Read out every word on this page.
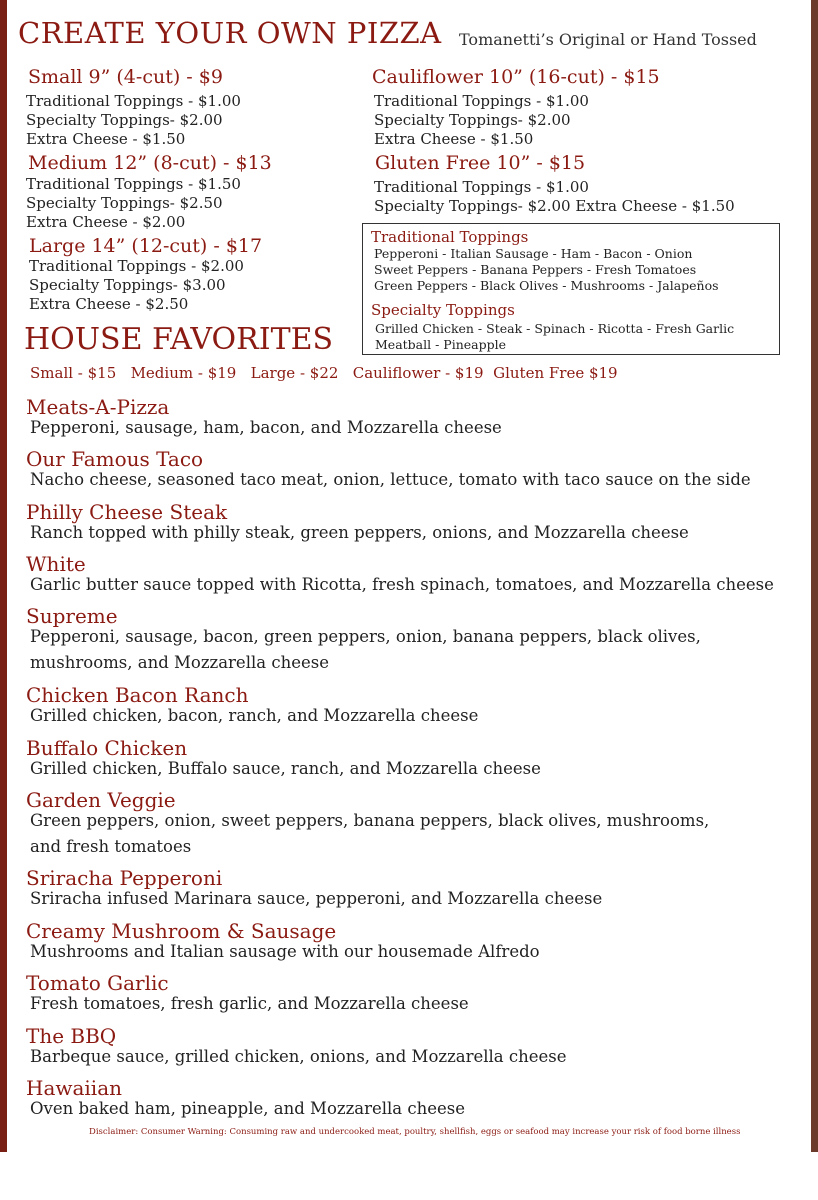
CREATE YOUR OWN PIZZA Tomanetti’s Original or Hand Tossed
Small 9” (4-cut) - $9
Traditional Toppings - $1.00
Specialty Toppings- $2.00
Extra Cheese - $1.50
Medium 12” (8-cut) - $13
Traditional Toppings - $1.50
Specialty Toppings- $2.50
Extra Cheese - $2.00
Large 14” (12-cut) - $17
Traditional Toppings - $2.00
Specialty Toppings- $3.00
Extra Cheese - $2.50
Cauliflower 10” (16-cut) - $15
Traditional Toppings - $1.00
Specialty Toppings- $2.00
Extra Cheese - $1.50
Gluten Free 10” - $15
Traditional Toppings - $1.00
Specialty Toppings- $2.00 Extra Cheese - $1.50
Traditional Toppings
Pepperoni - Italian Sausage - Ham - Bacon - Onion
Sweet Peppers - Banana Peppers - Fresh Tomatoes
Green Peppers - Black Olives - Mushrooms - Jalapeños
Specialty Toppings
Grilled Chicken - Steak - Spinach - Ricotta - Fresh Garlic
Meatball - Pineapple
HOUSE FAVORITES
Small - $15   Medium - $19   Large - $22   Cauliflower - $19  Gluten Free $19
Meats-A-Pizza
Pepperoni, sausage, ham, bacon, and Mozzarella cheese
Our Famous Taco
Nacho cheese, seasoned taco meat, onion, lettuce, tomato with taco sauce on the side
Philly Cheese Steak
Ranch topped with philly steak, green peppers, onions, and Mozzarella cheese
White
Garlic butter sauce topped with Ricotta, fresh spinach, tomatoes, and Mozzarella cheese
Supreme
Pepperoni, sausage, bacon, green peppers, onion, banana peppers, black olives,
mushrooms, and Mozzarella cheese
Chicken Bacon Ranch
Grilled chicken, bacon, ranch, and Mozzarella cheese
Buffalo Chicken
Grilled chicken, Buffalo sauce, ranch, and Mozzarella cheese
Garden Veggie
Green peppers, onion, sweet peppers, banana peppers, black olives, mushrooms,
and fresh tomatoes
Sriracha Pepperoni
Sriracha infused Marinara sauce, pepperoni, and Mozzarella cheese
Creamy Mushroom & Sausage
Mushrooms and Italian sausage with our housemade Alfredo
Tomato Garlic
Fresh tomatoes, fresh garlic, and Mozzarella cheese
The BBQ
Barbeque sauce, grilled chicken, onions, and Mozzarella cheese
Hawaiian
Oven baked ham, pineapple, and Mozzarella cheese
Disclaimer: Consumer Warning: Consuming raw and undercooked meat, poultry, shellfish, eggs or seafood may increase your risk of food borne illness
